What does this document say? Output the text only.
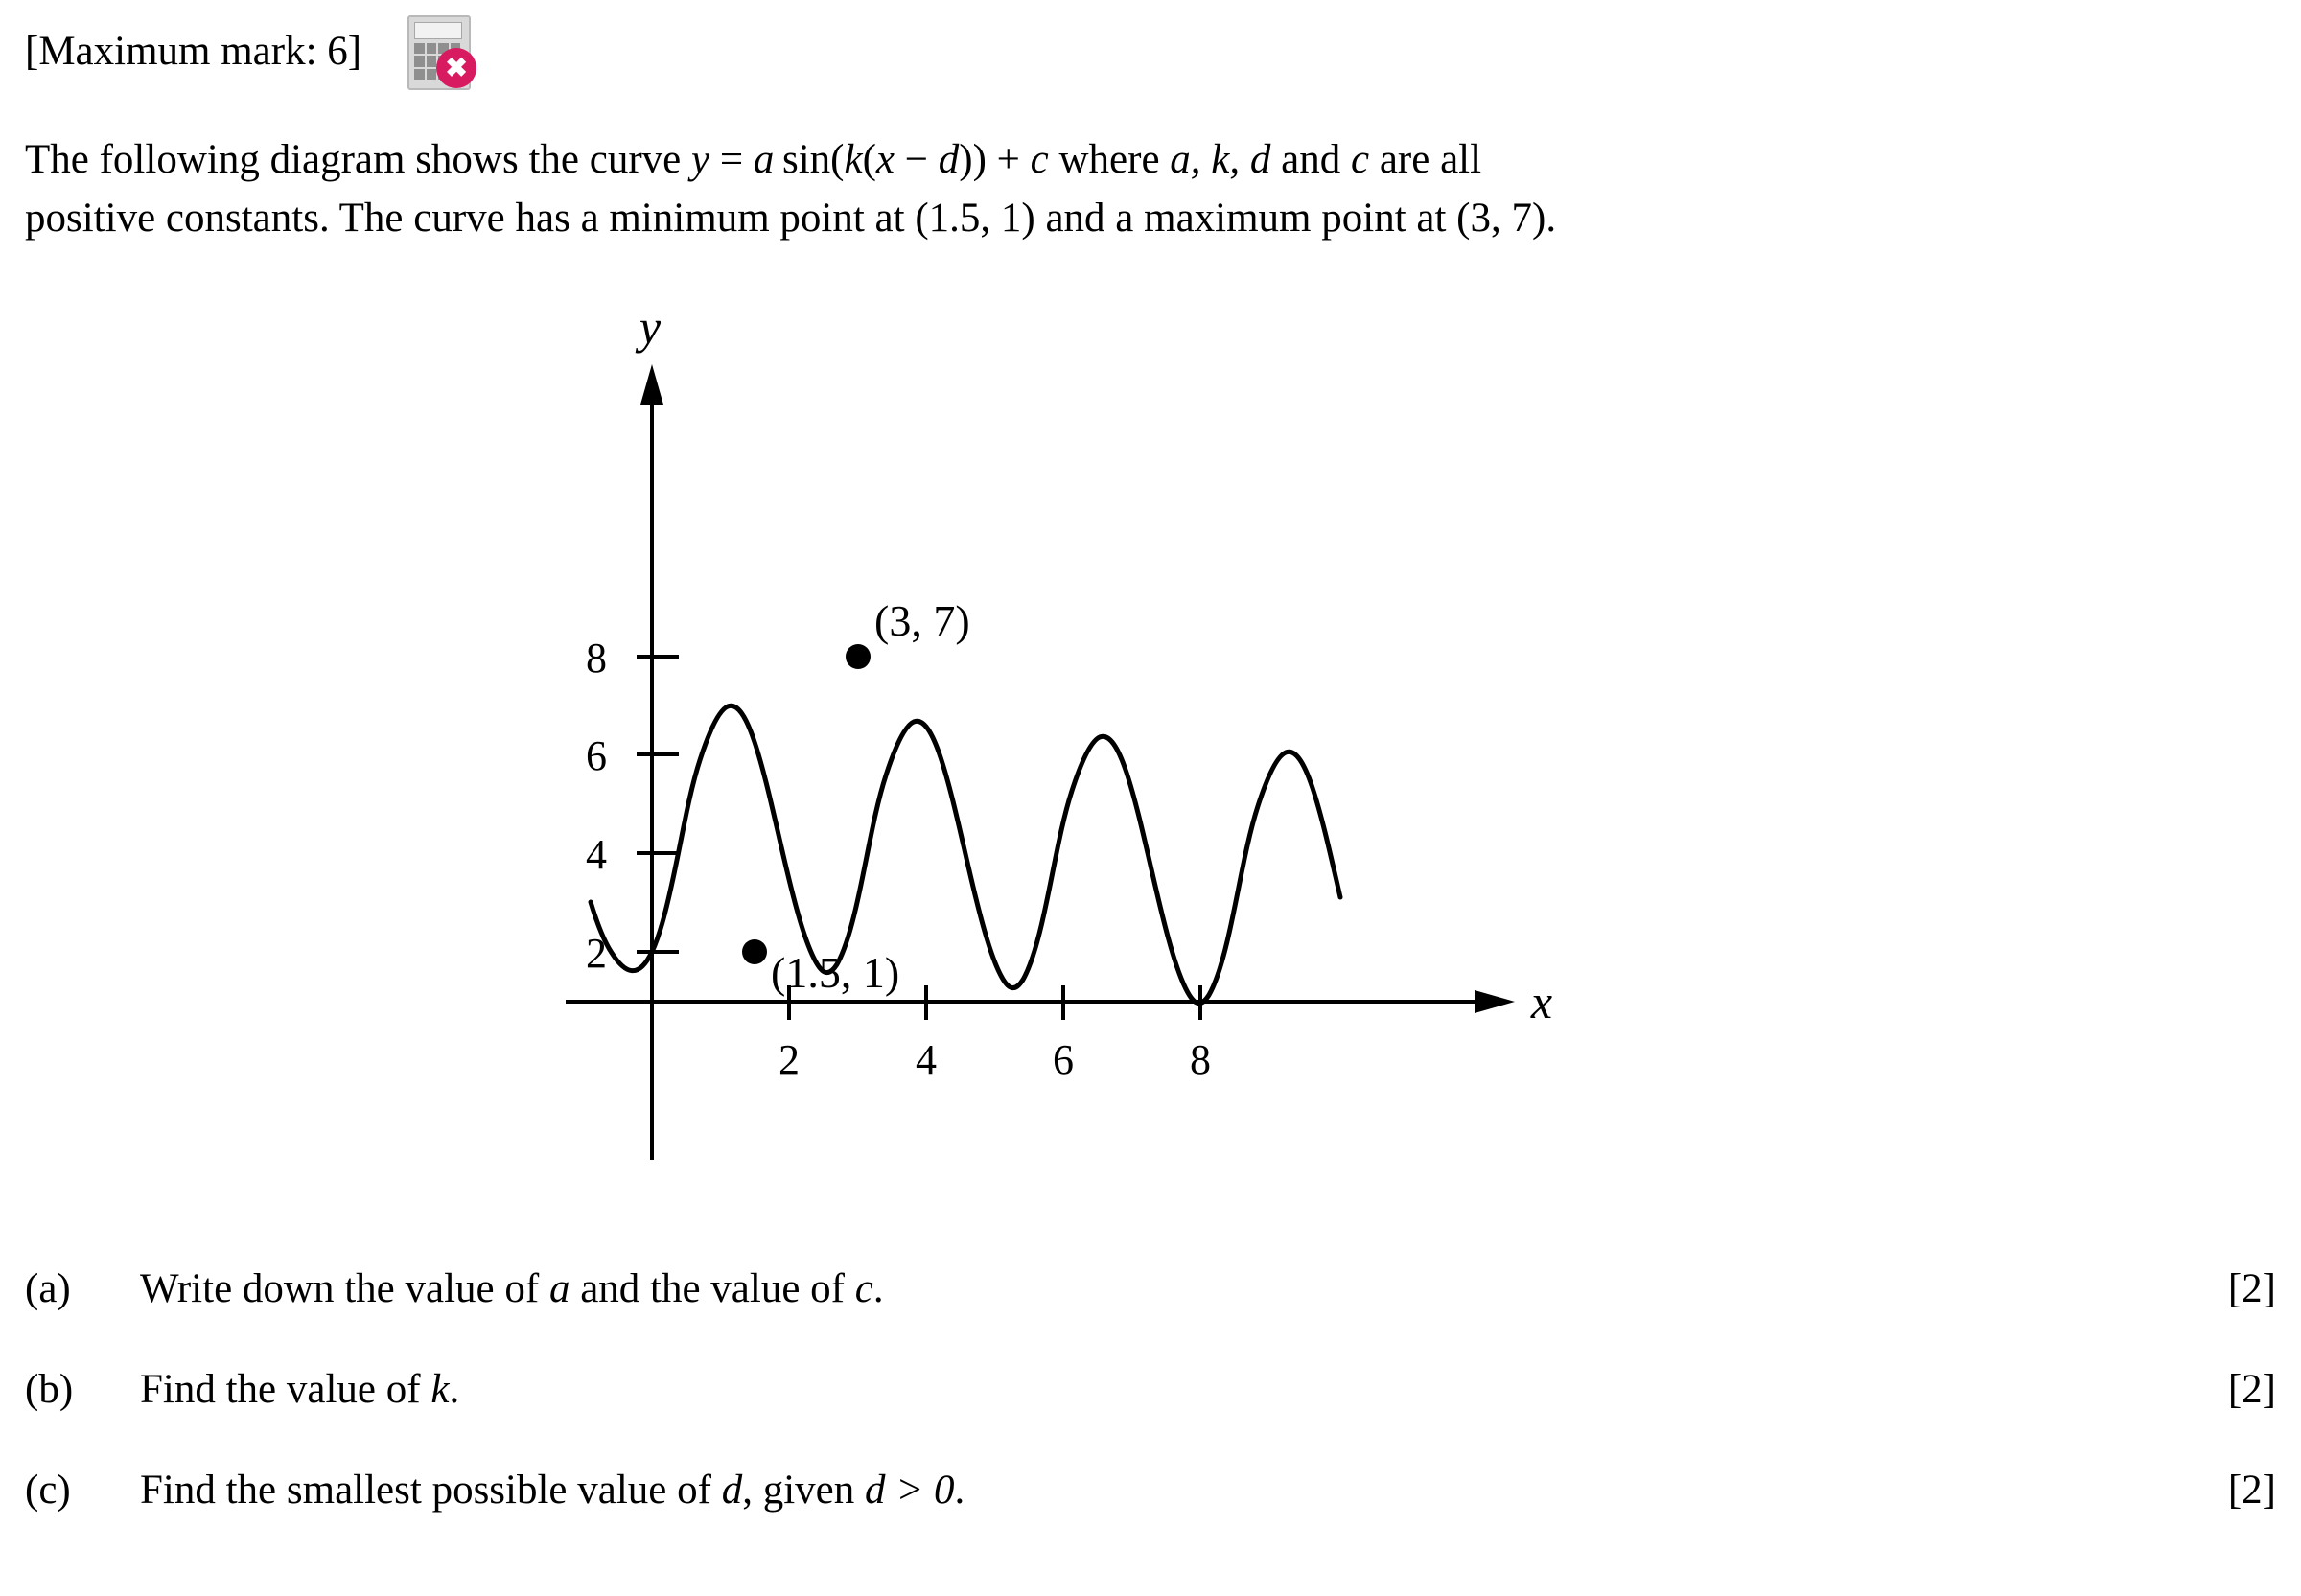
[Maximum mark: 6]	✖
The following diagram shows the curve y = a  sin(k(x − d)) + c where a, k, d and c are all
positive constants. The curve has a minimum point at (1.5, 1) and a maximum point at (3, 7).
8
6
4
2
2	4	6	8
y
x
(3, 7)
(1.5, 1)
(a)	Write down the value of a and the value of c.	[2]
(b)	Find the value of k.	[2]
(c)	Find the smallest possible value of d, given d > 0.	[2]
